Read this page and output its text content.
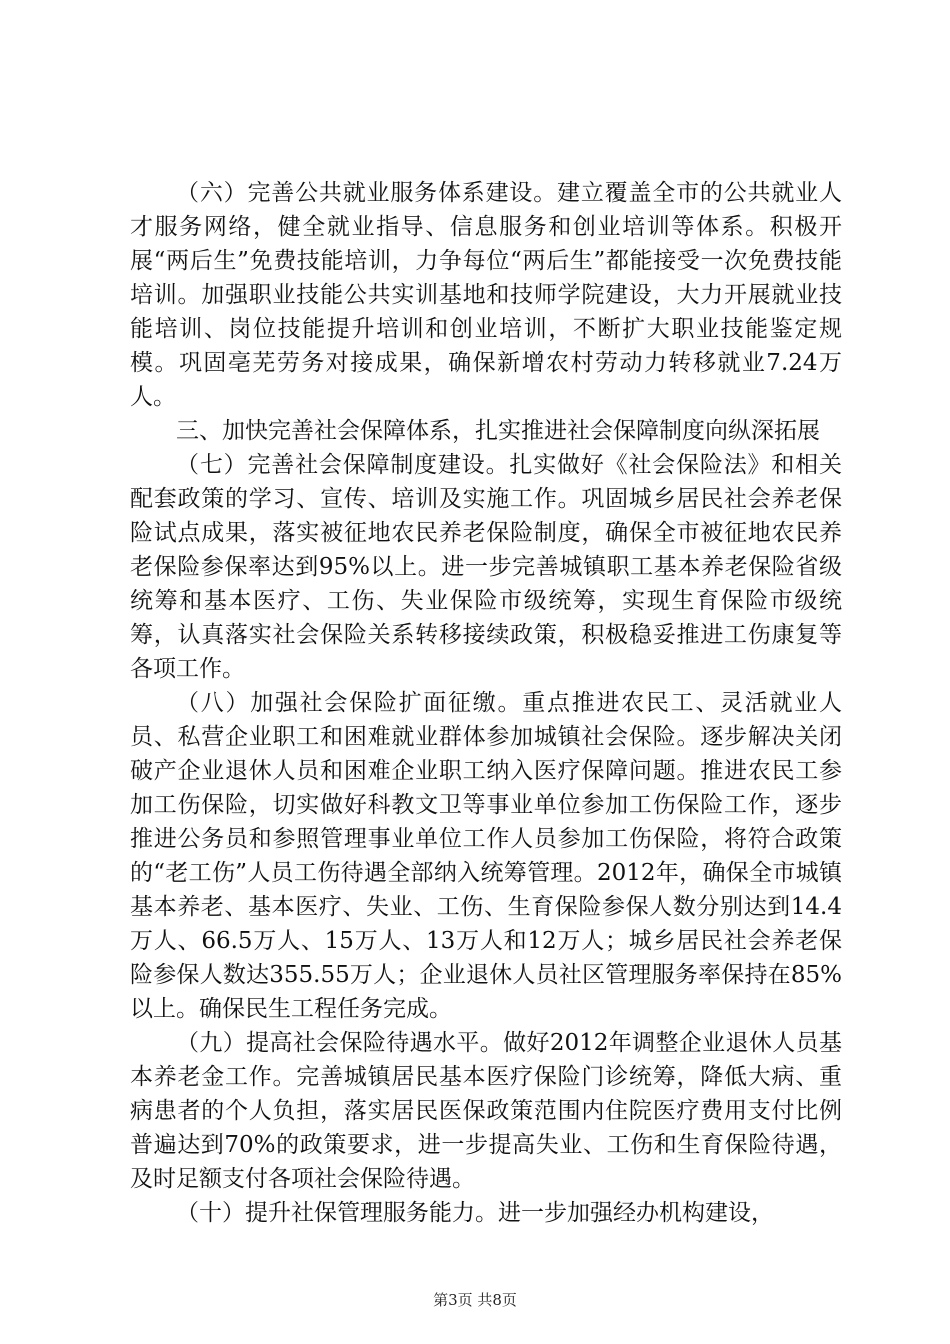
（六）完善公共就业服务体系建设。建立覆盖全市的公共就业人才服务网络，健全就业指导、信息服务和创业培训等体系。积极开展“两后生”免费技能培训，力争每位“两后生”都能接受一次免费技能培训。加强职业技能公共实训基地和技师学院建设，大力开展就业技能培训、岗位技能提升培训和创业培训，不断扩大职业技能鉴定规模。巩固亳芜劳务对接成果，确保新增农村劳动力转移就业7.24万人。

三、加快完善社会保障体系，扎实推进社会保障制度向纵深拓展

（七）完善社会保障制度建设。扎实做好《社会保险法》和相关配套政策的学习、宣传、培训及实施工作。巩固城乡居民社会养老保险试点成果，落实被征地农民养老保险制度，确保全市被征地农民养老保险参保率达到95%以上。进一步完善城镇职工基本养老保险省级统筹和基本医疗、工伤、失业保险市级统筹，实现生育保险市级统筹，认真落实社会保险关系转移接续政策，积极稳妥推进工伤康复等各项工作。

（八）加强社会保险扩面征缴。重点推进农民工、灵活就业人员、私营企业职工和困难就业群体参加城镇社会保险。逐步解决关闭破产企业退休人员和困难企业职工纳入医疗保障问题。推进农民工参加工伤保险，切实做好科教文卫等事业单位参加工伤保险工作，逐步推进公务员和参照管理事业单位工作人员参加工伤保险，将符合政策的“老工伤”人员工伤待遇全部纳入统筹管理。2012年，确保全市城镇基本养老、基本医疗、失业、工伤、生育保险参保人数分别达到14.4万人、66.5万人、15万人、13万人和12万人；城乡居民社会养老保险参保人数达355.55万人；企业退休人员社区管理服务率保持在85%以上。确保民生工程任务完成。

（九）提高社会保险待遇水平。做好2012年调整企业退休人员基本养老金工作。完善城镇居民基本医疗保险门诊统筹，降低大病、重病患者的个人负担，落实居民医保政策范围内住院医疗费用支付比例普遍达到70%的政策要求，进一步提高失业、工伤和生育保险待遇，及时足额支付各项社会保险待遇。

（十）提升社保管理服务能力。进一步加强经办机构建设，

第3页 共8页
